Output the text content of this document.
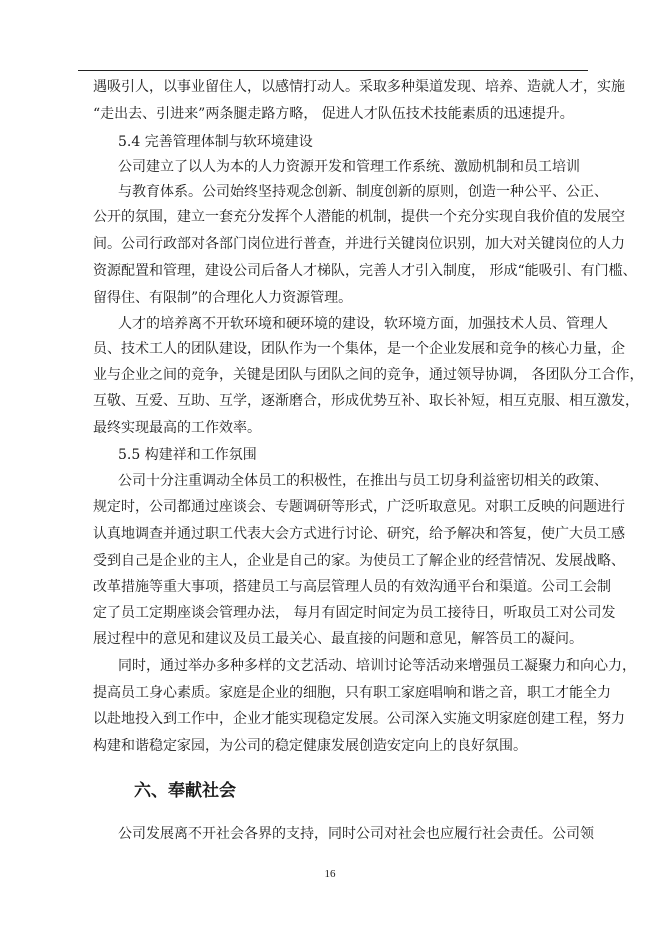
遇吸引人，以事业留住人，以感情打动人。采取多种渠道发现、培养、造就人才，实施
“走出去、引进来”两条腿走路方略， 促进人才队伍技术技能素质的迅速提升。
5.4 完善管理体制与软环境建设
公司建立了以人为本的人力资源开发和管理工作系统、激励机制和员工培训
与教育体系。公司始终坚持观念创新、制度创新的原则，创造一种公平、公正、
公开的氛围，建立一套充分发挥个人潜能的机制，提供一个充分实现自我价值的发展空
间。公司行政部对各部门岗位进行普查，并进行关键岗位识别，加大对关键岗位的人力
资源配置和管理，建设公司后备人才梯队，完善人才引入制度， 形成“能吸引、有门槛、
留得住、有限制”的合理化人力资源管理。
人才的培养离不开软环境和硬环境的建设，软环境方面，加强技术人员、管理人
员、技术工人的团队建设，团队作为一个集体，是一个企业发展和竞争的核心力量，企
业与企业之间的竞争，关键是团队与团队之间的竞争，通过领导协调， 各团队分工合作，
互敬、互爱、互助、互学，逐渐磨合，形成优势互补、取长补短，相互克服、相互激发，
最终实现最高的工作效率。
5.5 构建祥和工作氛围
公司十分注重调动全体员工的积极性，在推出与员工切身利益密切相关的政策、
规定时，公司都通过座谈会、专题调研等形式，广泛听取意见。对职工反映的问题进行
认真地调查并通过职工代表大会方式进行讨论、研究，给予解决和答复，使广大员工感
受到自己是企业的主人，企业是自己的家。为使员工了解企业的经营情况、发展战略、
改革措施等重大事项，搭建员工与高层管理人员的有效沟通平台和渠道。公司工会制
定了员工定期座谈会管理办法， 每月有固定时间定为员工接待日，听取员工对公司发
展过程中的意见和建议及员工最关心、最直接的问题和意见，解答员工的凝问。
同时，通过举办多种多样的文艺活动、培训讨论等活动来增强员工凝聚力和向心力，
提高员工身心素质。家庭是企业的细胞，只有职工家庭唱响和谐之音，职工才能全力
以赴地投入到工作中，企业才能实现稳定发展。公司深入实施文明家庭创建工程，努力
构建和谐稳定家园，为公司的稳定健康发展创造安定向上的良好氛围。
六、奉献社会
公司发展离不开社会各界的支持，同时公司对社会也应履行社会责任。公司领
16
